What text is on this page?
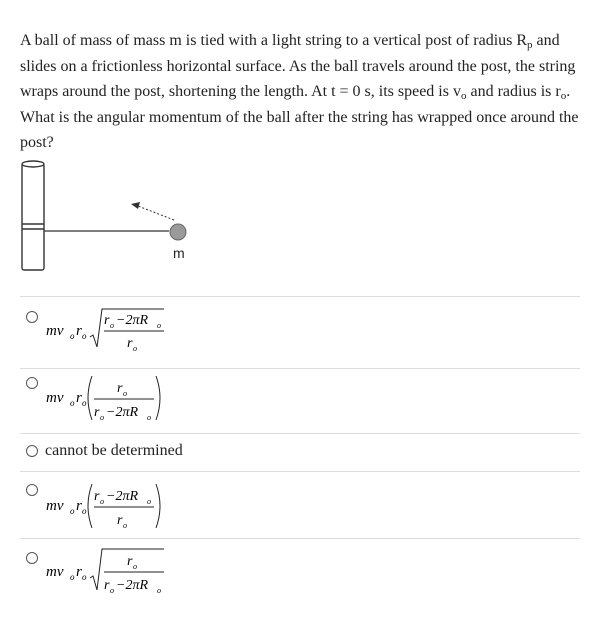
A ball of mass of mass m is tied with a light string to a vertical post of radius $R_p$ and slides on a frictionless horizontal surface. As the ball travels around the post, the string wraps around the post, shortening the length. At t = 0 s, its speed is $v_o$ and radius is $r_o$. What is the angular momentum of the ball after the string has wrapped once around the post?
m
mv o r o
r o −2πR o
r o
mv o r o
r o
r o −2πR o
cannot be determined
mv o r o
r o −2πR o
r o
mv o r o
r o
r o −2πR o
